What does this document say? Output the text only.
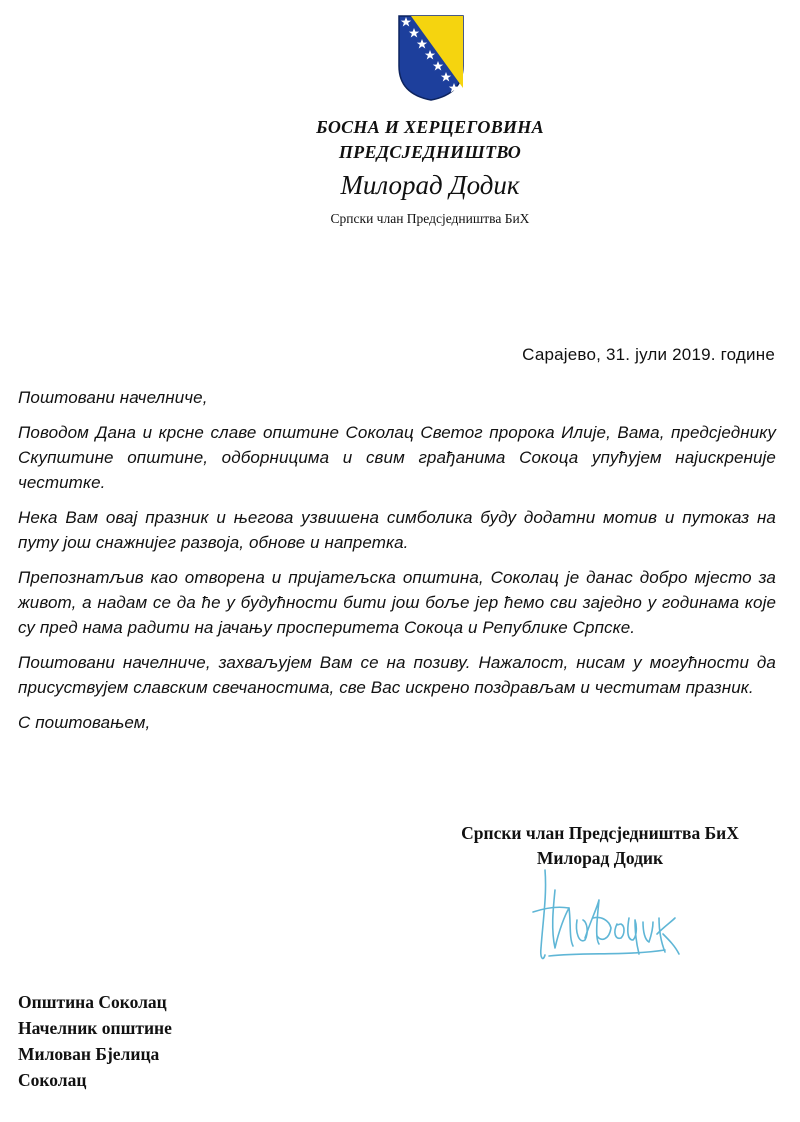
БОСНА И ХЕРЦЕГОВИНА
ПРЕДСЈЕДНИШТВО
Милорад Додик
Српски члан Предсједништва БиХ
Сарајево, 31. јули 2019. године

Поштовани начелниче,

Поводом Дана и крсне славе општине Соколац Светог пророка Илије, Вама, предсједнику Скупштине општине, одборницима и свим грађанима Сокоца упућујем најискреније честитке.

Нека Вам овај празник и његова узвишена симболика буду додатни мотив и путоказ на путу још снажнијег развоја, обнове и напретка.

Препознатљив као отворена и пријатељска општина, Соколац је данас добро мјесто за живот, а надам се да ће у будућности бити још боље јер ћемо сви заједно у годинама које су пред нама радити на јачању просперитета Сокоца и Републике Српске.

Поштовани начелниче, захваљујем Вам се на позиву. Нажалост, нисам у могућности да присуствујем славским свечаностима, све Вас искрено поздрављам и честитам празник.

С поштовањем,

Српски члан Предсједништва БиХ
Милорад Додик
Општина Соколац
Начелник општине
Милован Бјелица
Соколац
